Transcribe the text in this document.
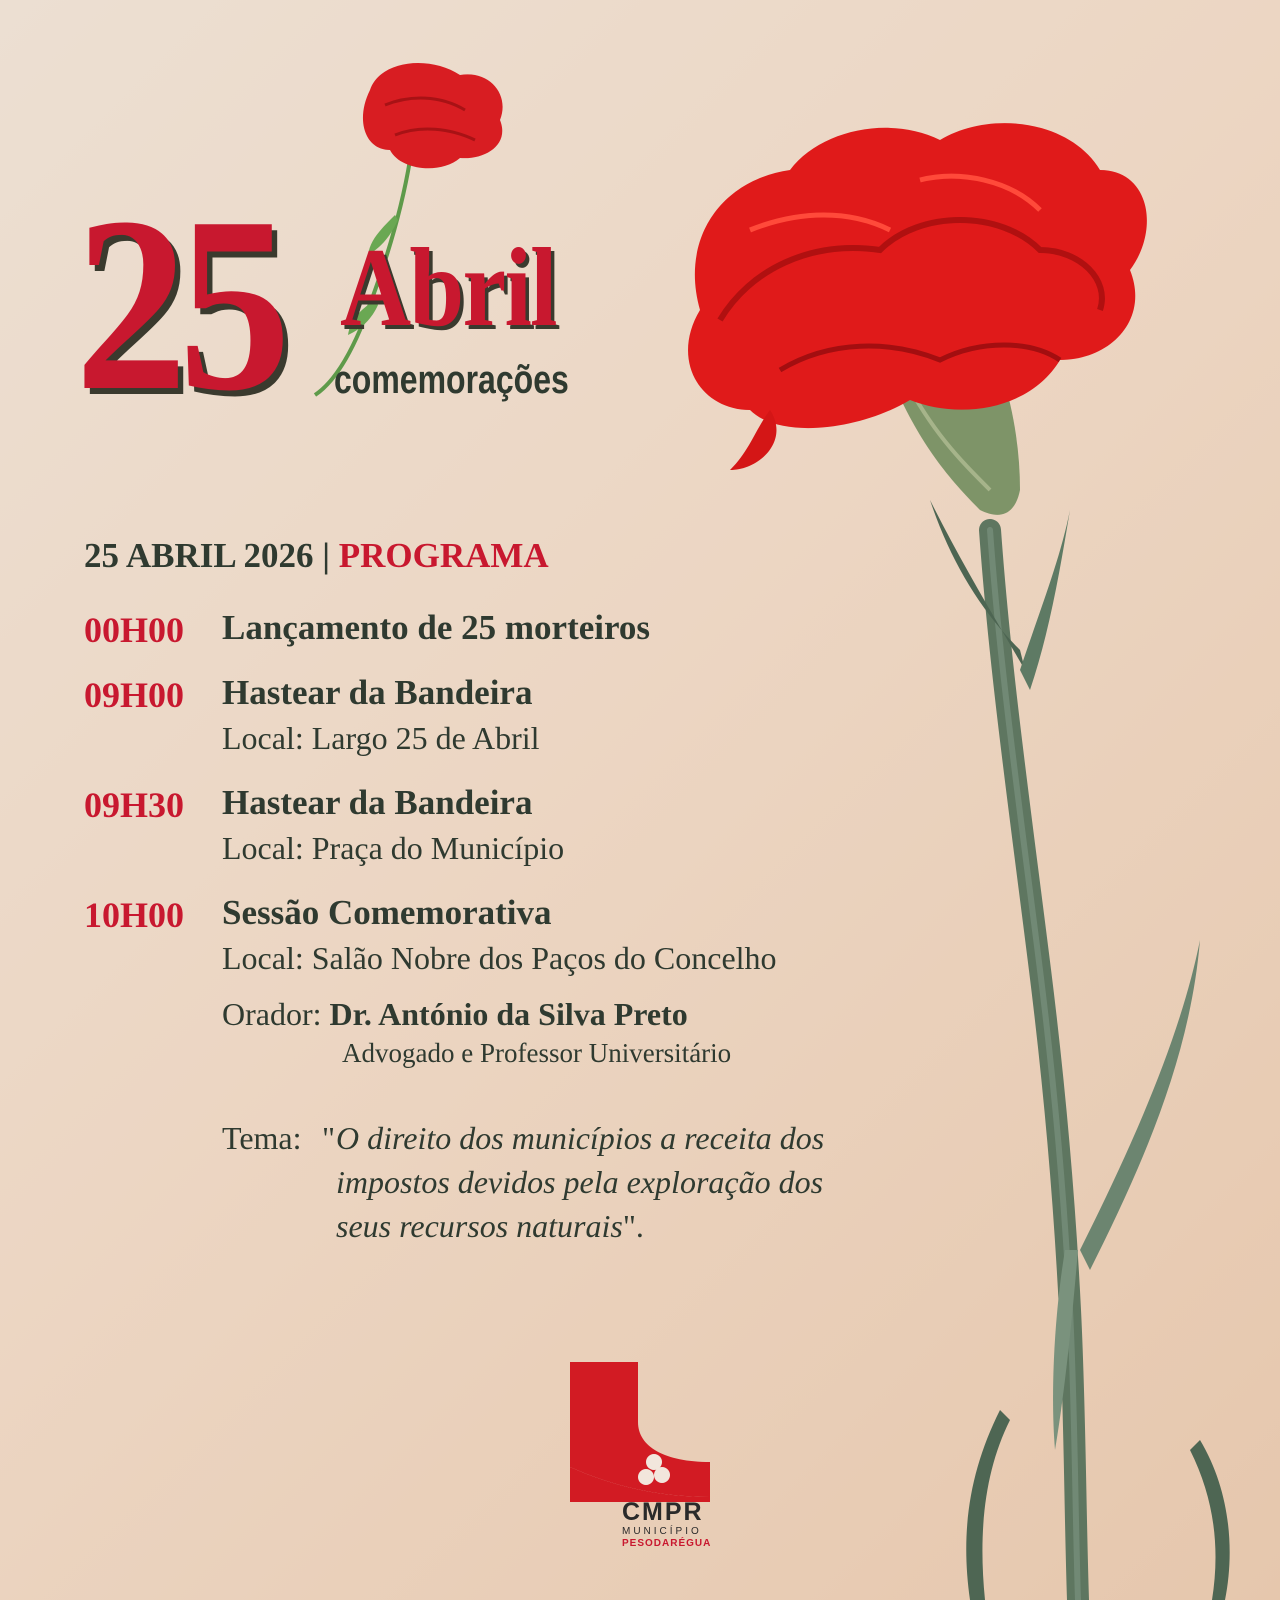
25 Abril
comemorações
25 ABRIL 2026 | PROGRAMA
00H00 Lançamento de 25 morteiros
09H00 Hastear da Bandeira
Local: Largo 25 de Abril
09H30 Hastear da Bandeira
Local: Praça do Município
10H00 Sessão Comemorativa
Local: Salão Nobre dos Paços do Concelho
Orador: Dr. António da Silva Preto
Advogado e Professor Universitário
Tema: " O direito dos municípios a receita dos
impostos devidos pela exploração dos
seus recursos naturais".
CMPR
MUNICÍPIO
PESODARÉGUA
